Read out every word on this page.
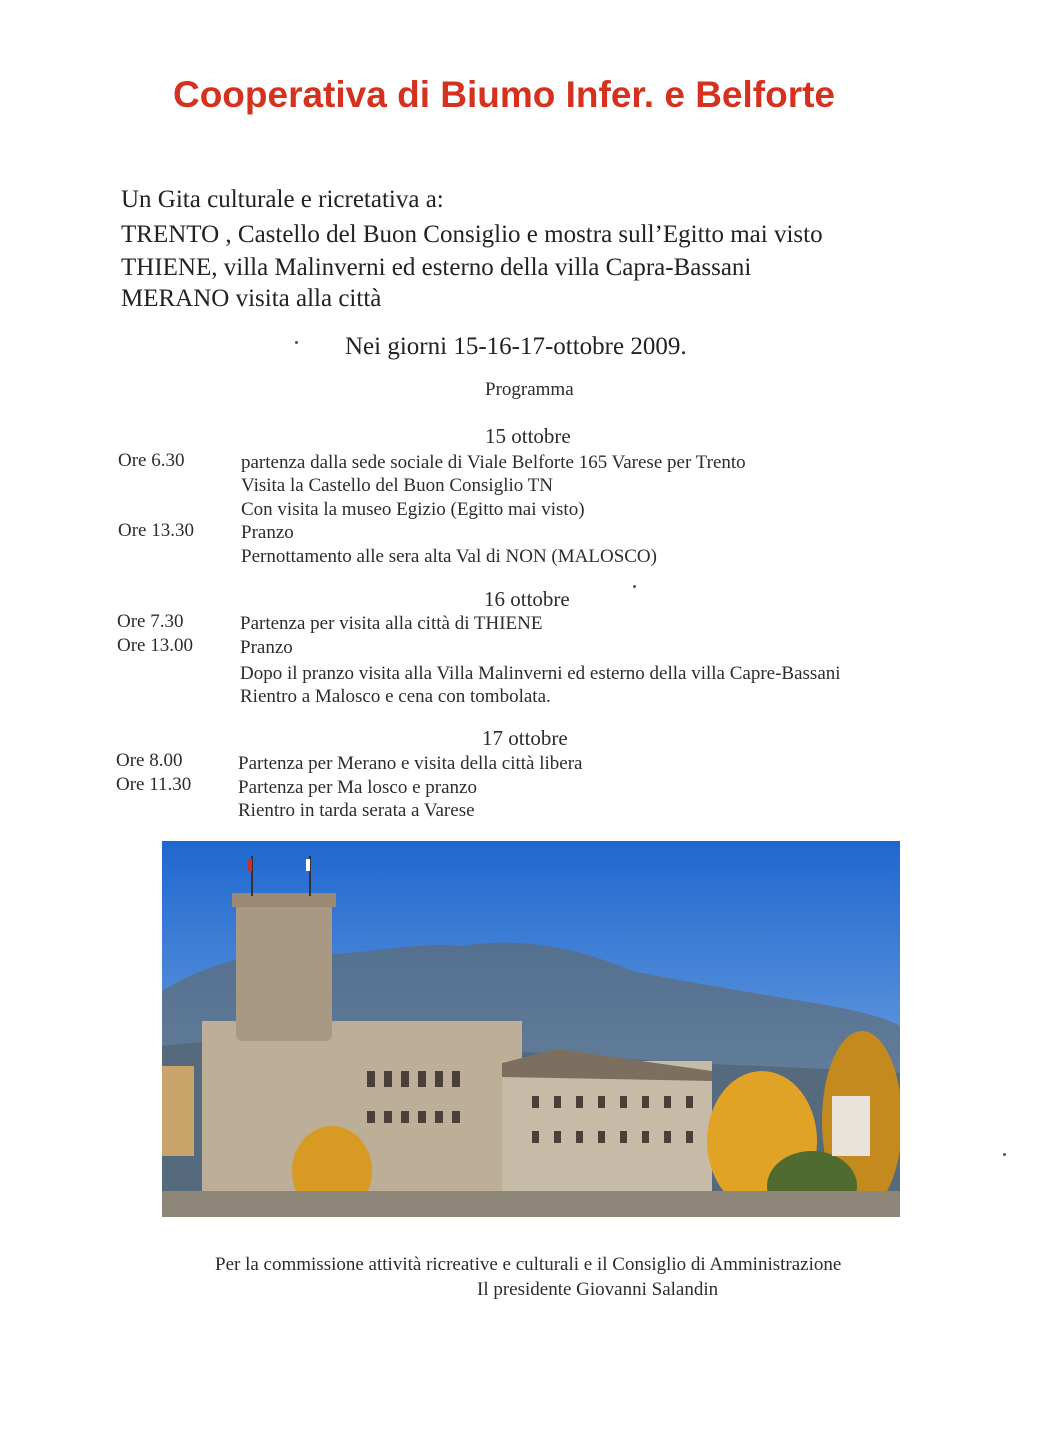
Cooperativa di Biumo Infer. e Belforte
Un Gita culturale e ricretativa a:
TRENTO , Castello del Buon Consiglio e mostra sull’Egitto mai visto
THIENE, villa Malinverni ed esterno della villa Capra-Bassani
MERANO visita alla città
Nei giorni 15-16-17-ottobre 2009.
Programma
15 ottobre
Ore 6.30	partenza dalla sede sociale di Viale Belforte 165 Varese per Trento
Visita la Castello del Buon Consiglio TN
Con visita la museo Egizio (Egitto mai visto)
Ore 13.30 Pranzo
Pernottamento alle sera alta Val di NON (MALOSCO)
16 ottobre
Ore 7.30	Partenza per visita alla città di THIENE
Ore 13.00 Pranzo
Dopo il pranzo visita alla Villa Malinverni ed esterno della villa Capre-Bassani
Rientro a Malosco e cena con tombolata.
17 ottobre
Ore 8.00	Partenza per Merano e visita della città libera
Ore 11.30 Partenza per Ma losco e pranzo
Rientro in tarda serata a Varese
Per la commissione attività ricreative e culturali e il Consiglio di Amministrazione
Il presidente Giovanni Salandin
